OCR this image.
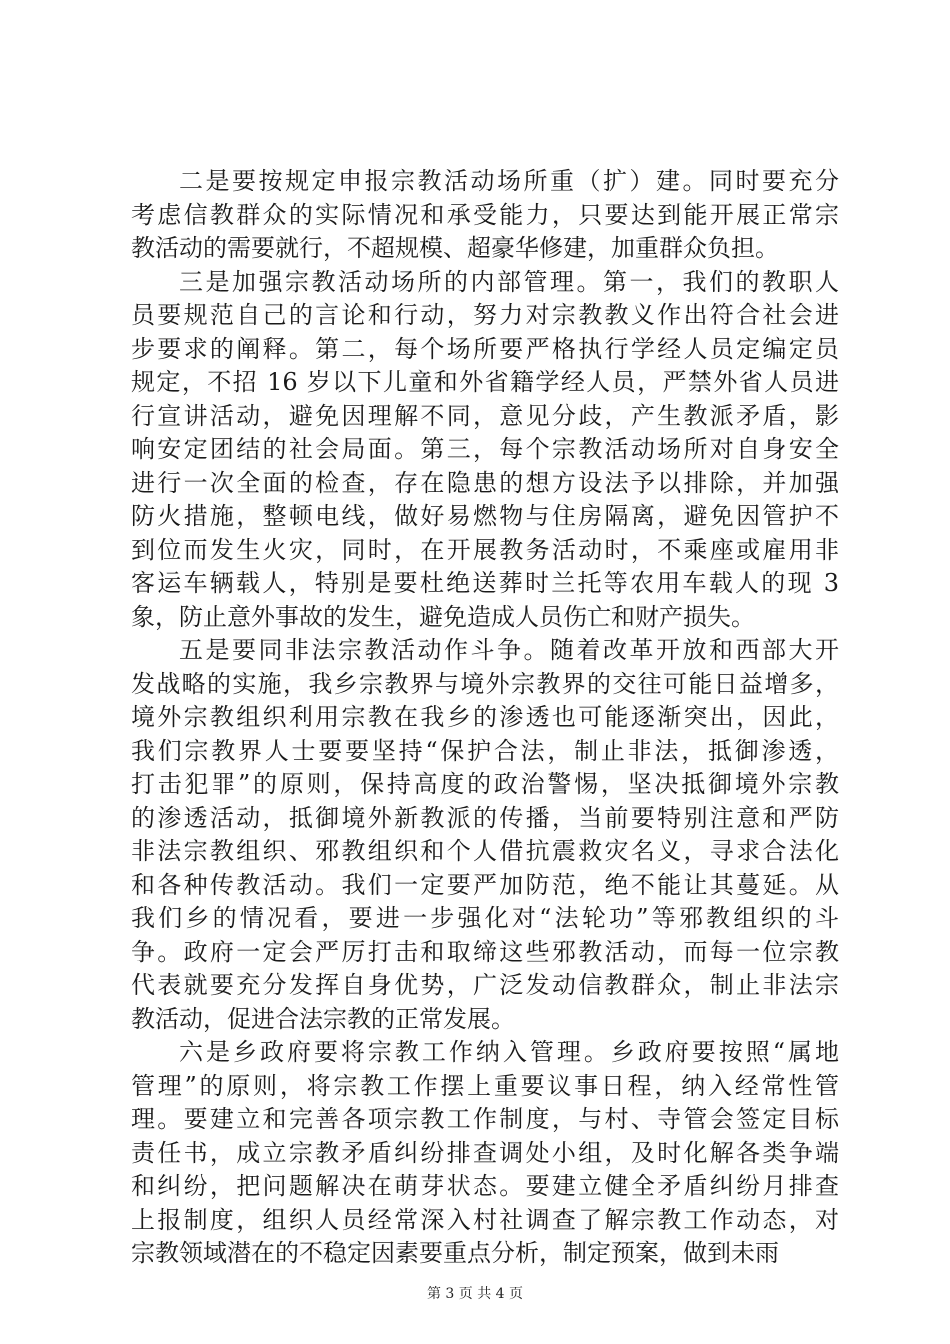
二是要按规定申报宗教活动场所重（扩）建。同时要充分
考虑信教群众的实际情况和承受能力，只要达到能开展正常宗
教活动的需要就行，不超规模、超豪华修建，加重群众负担。
三是加强宗教活动场所的内部管理。第一，我们的教职人
员要规范自己的言论和行动，努力对宗教教义作出符合社会进
步要求的阐释。第二，每个场所要严格执行学经人员定编定员
规定，不招 16 岁以下儿童和外省籍学经人员，严禁外省人员进
行宣讲活动，避免因理解不同，意见分歧，产生教派矛盾，影
响安定团结的社会局面。第三，每个宗教活动场所对自身安全
进行一次全面的检查，存在隐患的想方设法予以排除，并加强
防火措施，整顿电线，做好易燃物与住房隔离，避免因管护不
到位而发生火灾，同时，在开展教务活动时，不乘座或雇用非
客运车辆载人，特别是要杜绝送葬时兰托等农用车载人的现 3
象，防止意外事故的发生，避免造成人员伤亡和财产损失。
五是要同非法宗教活动作斗争。随着改革开放和西部大开
发战略的实施，我乡宗教界与境外宗教界的交往可能日益增多，
境外宗教组织利用宗教在我乡的渗透也可能逐渐突出，因此，
我们宗教界人士要要坚持“保护合法，制止非法，抵御渗透，
打击犯罪”的原则，保持高度的政治警惕，坚决抵御境外宗教
的渗透活动，抵御境外新教派的传播，当前要特别注意和严防
非法宗教组织、邪教组织和个人借抗震救灾名义，寻求合法化
和各种传教活动。我们一定要严加防范，绝不能让其蔓延。从
我们乡的情况看，要进一步强化对“法轮功”等邪教组织的斗
争。政府一定会严厉打击和取缔这些邪教活动，而每一位宗教
代表就要充分发挥自身优势，广泛发动信教群众，制止非法宗
教活动，促进合法宗教的正常发展。
六是乡政府要将宗教工作纳入管理。乡政府要按照“属地
管理”的原则，将宗教工作摆上重要议事日程，纳入经常性管
理。要建立和完善各项宗教工作制度，与村、寺管会签定目标
责任书，成立宗教矛盾纠纷排查调处小组，及时化解各类争端
和纠纷，把问题解决在萌芽状态。要建立健全矛盾纠纷月排查
上报制度，组织人员经常深入村社调查了解宗教工作动态，对
宗教领域潜在的不稳定因素要重点分析，制定预案，做到未雨
第 3 页 共 4 页
